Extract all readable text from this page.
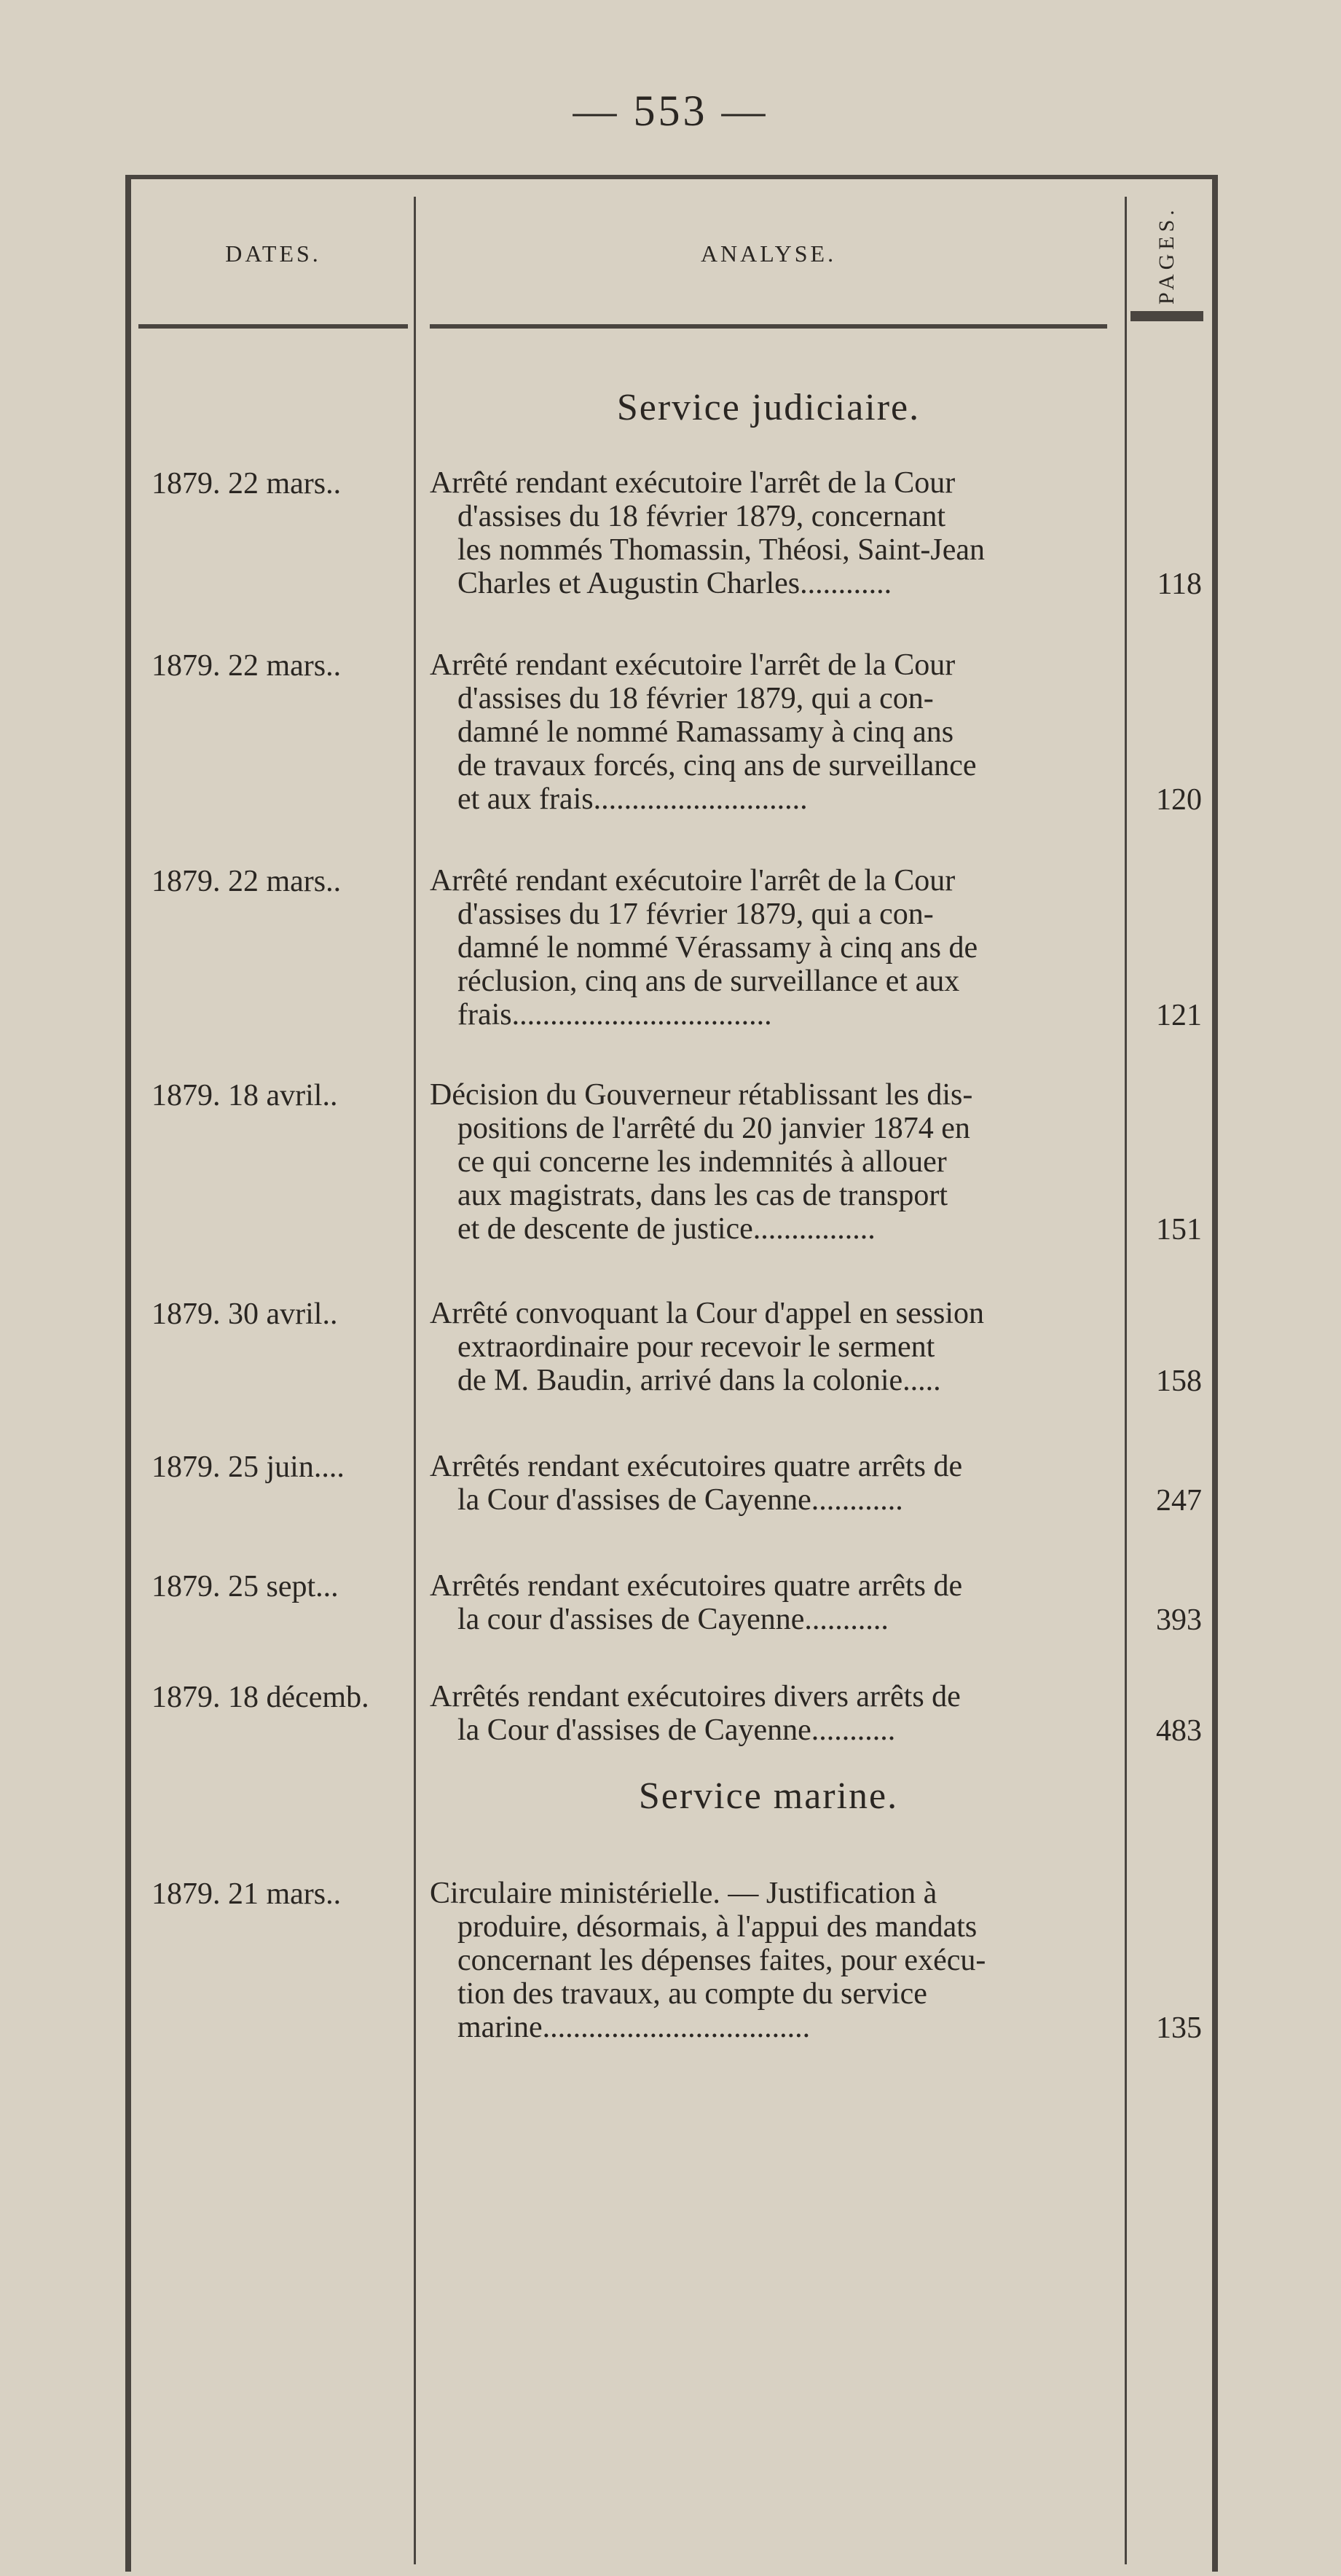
— 553 —
DATES.	ANALYSE.	PAGES.
Service judiciaire.
1879. 22 mars..	Arrêté rendant exécutoire l'arrêt de la Cour
d'assises du 18 février 1879, concernant
les nommés Thomassin, Théosi, Saint-Jean
Charles et Augustin Charles............	118
1879. 22 mars..	Arrêté rendant exécutoire l'arrêt de la Cour
d'assises du 18 février 1879, qui a con-
damné le nommé Ramassamy à cinq ans
de travaux forcés, cinq ans de surveillance
et aux frais............................	120
1879. 22 mars..	Arrêté rendant exécutoire l'arrêt de la Cour
d'assises du 17 février 1879, qui a con-
damné le nommé Vérassamy à cinq ans de
réclusion, cinq ans de surveillance et aux
frais..................................	121
1879. 18 avril..	Décision du Gouverneur rétablissant les dis-
positions de l'arrêté du 20 janvier 1874 en
ce qui concerne les indemnités à allouer
aux magistrats, dans les cas de transport
et de descente de justice................	151
1879. 30 avril..	Arrêté convoquant la Cour d'appel en session
extraordinaire pour recevoir le serment
de M. Baudin, arrivé dans la colonie.....	158
1879. 25 juin....	Arrêtés rendant exécutoires quatre arrêts de
la Cour d'assises de Cayenne............	247
1879. 25 sept...	Arrêtés rendant exécutoires quatre arrêts de
la cour d'assises de Cayenne...........	393
1879. 18 décemb.	Arrêtés rendant exécutoires divers arrêts de
la Cour d'assises de Cayenne...........	483
Service marine.
1879. 21 mars..	Circulaire ministérielle. — Justification à
produire, désormais, à l'appui des mandats
concernant les dépenses faites, pour exécu-
tion des travaux, au compte du service
marine...................................	135
